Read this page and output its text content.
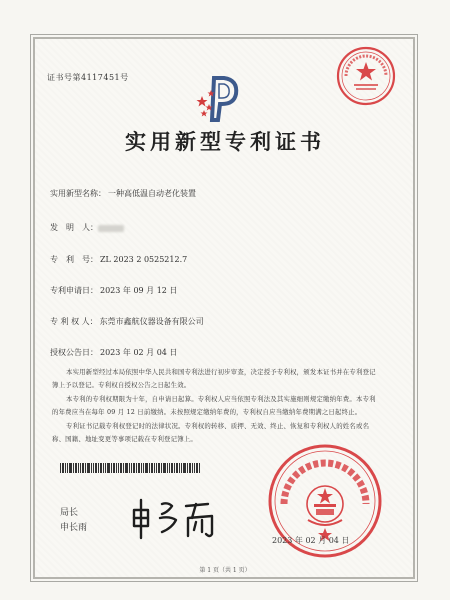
证书号第4117451号
实用新型专利证书
实用新型名称： 一种高低温自动老化装置
发　明　人：
专　利　号： ZL 2023 2 0525212.7
专利申请日： 2023 年 09 月 12 日
专 利 权 人： 东莞市鑫航仪器设备有限公司
授权公告日： 2023 年 02 月 04 日
本实用新型经过本局依照中华人民共和国专利法进行初步审查，决定授予专利权，颁发本证书并在专利登记簿上予以登记。专利权自授权公告之日起生效。
本专利的专利权期限为十年，自申请日起算。专利权人应当依照专利法及其实施细则规定缴纳年费。本专利的年费应当在每年 09 月 12 日前缴纳。未按照规定缴纳年费的，专利权自应当缴纳年费期满之日起终止。
专利证书记载专利权登记时的法律状况。专利权的转移、质押、无效、终止、恢复和专利权人的姓名或名称、国籍、地址变更等事项记载在专利登记簿上。
局长
申长雨
2023 年 02 月 04 日
第 1 页（共 1 页）
